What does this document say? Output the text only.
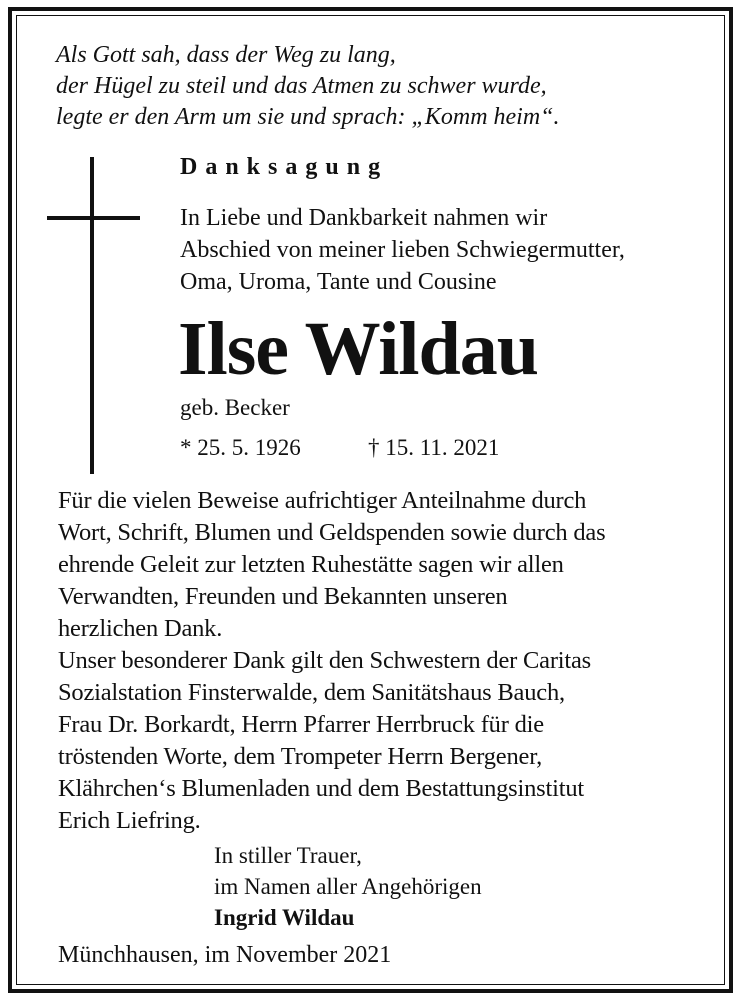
Als Gott sah, dass der Weg zu lang,
der Hügel zu steil und das Atmen zu schwer wurde,
legte er den Arm um sie und sprach: „Komm heim“.
Danksagung
In Liebe und Dankbarkeit nahmen wir
Abschied von meiner lieben Schwiegermutter,
Oma, Uroma, Tante und Cousine
Ilse Wildau
geb. Becker
* 25. 5. 1926	† 15. 11. 2021
Für die vielen Beweise aufrichtiger Anteilnahme durch
Wort, Schrift, Blumen und Geldspenden sowie durch das
ehrende Geleit zur letzten Ruhestätte sagen wir allen
Verwandten, Freunden und Bekannten unseren
herzlichen Dank.
Unser besonderer Dank gilt den Schwestern der Caritas
Sozialstation Finsterwalde, dem Sanitätshaus Bauch,
Frau Dr. Borkardt, Herrn Pfarrer Herrbruck für die
tröstenden Worte, dem Trompeter Herrn Bergener,
Klährchen‘s Blumenladen und dem Bestattungsinstitut
Erich Liefring.
In stiller Trauer,
im Namen aller Angehörigen
Ingrid Wildau
Münchhausen, im November 2021
